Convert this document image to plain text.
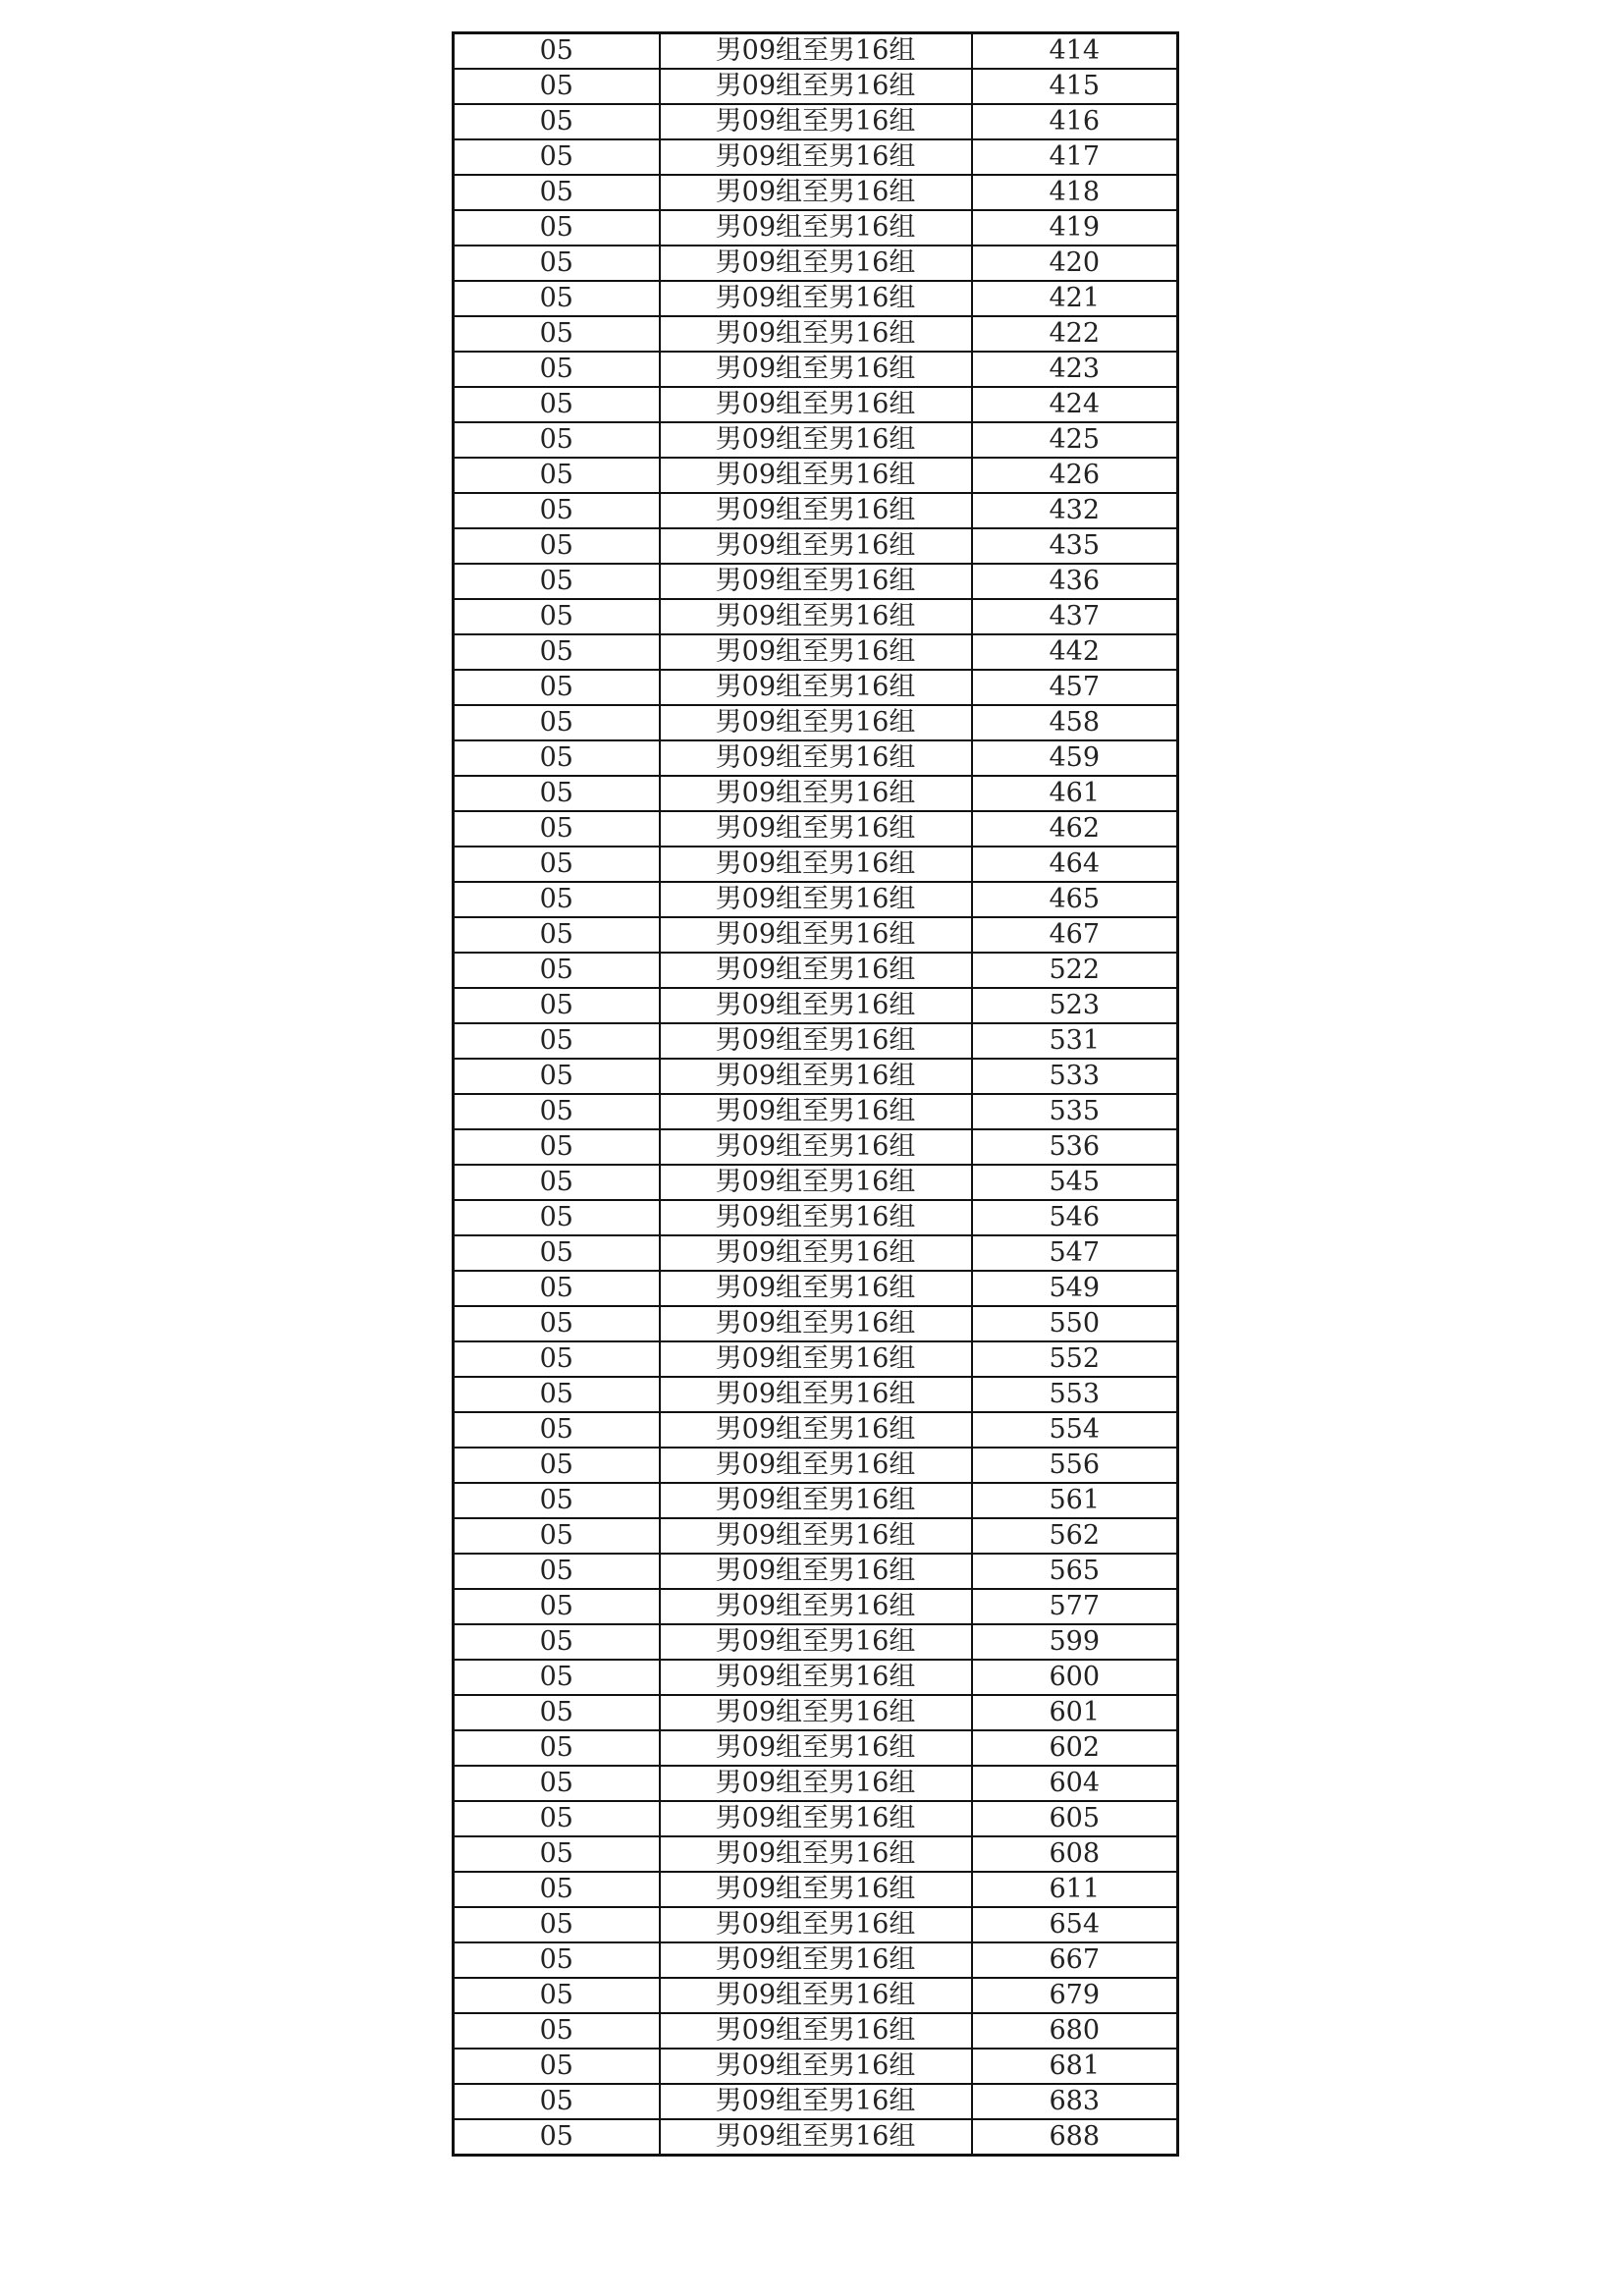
05	男09组至男16组	414
05	男09组至男16组	415
05	男09组至男16组	416
05	男09组至男16组	417
05	男09组至男16组	418
05	男09组至男16组	419
05	男09组至男16组	420
05	男09组至男16组	421
05	男09组至男16组	422
05	男09组至男16组	423
05	男09组至男16组	424
05	男09组至男16组	425
05	男09组至男16组	426
05	男09组至男16组	432
05	男09组至男16组	435
05	男09组至男16组	436
05	男09组至男16组	437
05	男09组至男16组	442
05	男09组至男16组	457
05	男09组至男16组	458
05	男09组至男16组	459
05	男09组至男16组	461
05	男09组至男16组	462
05	男09组至男16组	464
05	男09组至男16组	465
05	男09组至男16组	467
05	男09组至男16组	522
05	男09组至男16组	523
05	男09组至男16组	531
05	男09组至男16组	533
05	男09组至男16组	535
05	男09组至男16组	536
05	男09组至男16组	545
05	男09组至男16组	546
05	男09组至男16组	547
05	男09组至男16组	549
05	男09组至男16组	550
05	男09组至男16组	552
05	男09组至男16组	553
05	男09组至男16组	554
05	男09组至男16组	556
05	男09组至男16组	561
05	男09组至男16组	562
05	男09组至男16组	565
05	男09组至男16组	577
05	男09组至男16组	599
05	男09组至男16组	600
05	男09组至男16组	601
05	男09组至男16组	602
05	男09组至男16组	604
05	男09组至男16组	605
05	男09组至男16组	608
05	男09组至男16组	611
05	男09组至男16组	654
05	男09组至男16组	667
05	男09组至男16组	679
05	男09组至男16组	680
05	男09组至男16组	681
05	男09组至男16组	683
05	男09组至男16组	688
